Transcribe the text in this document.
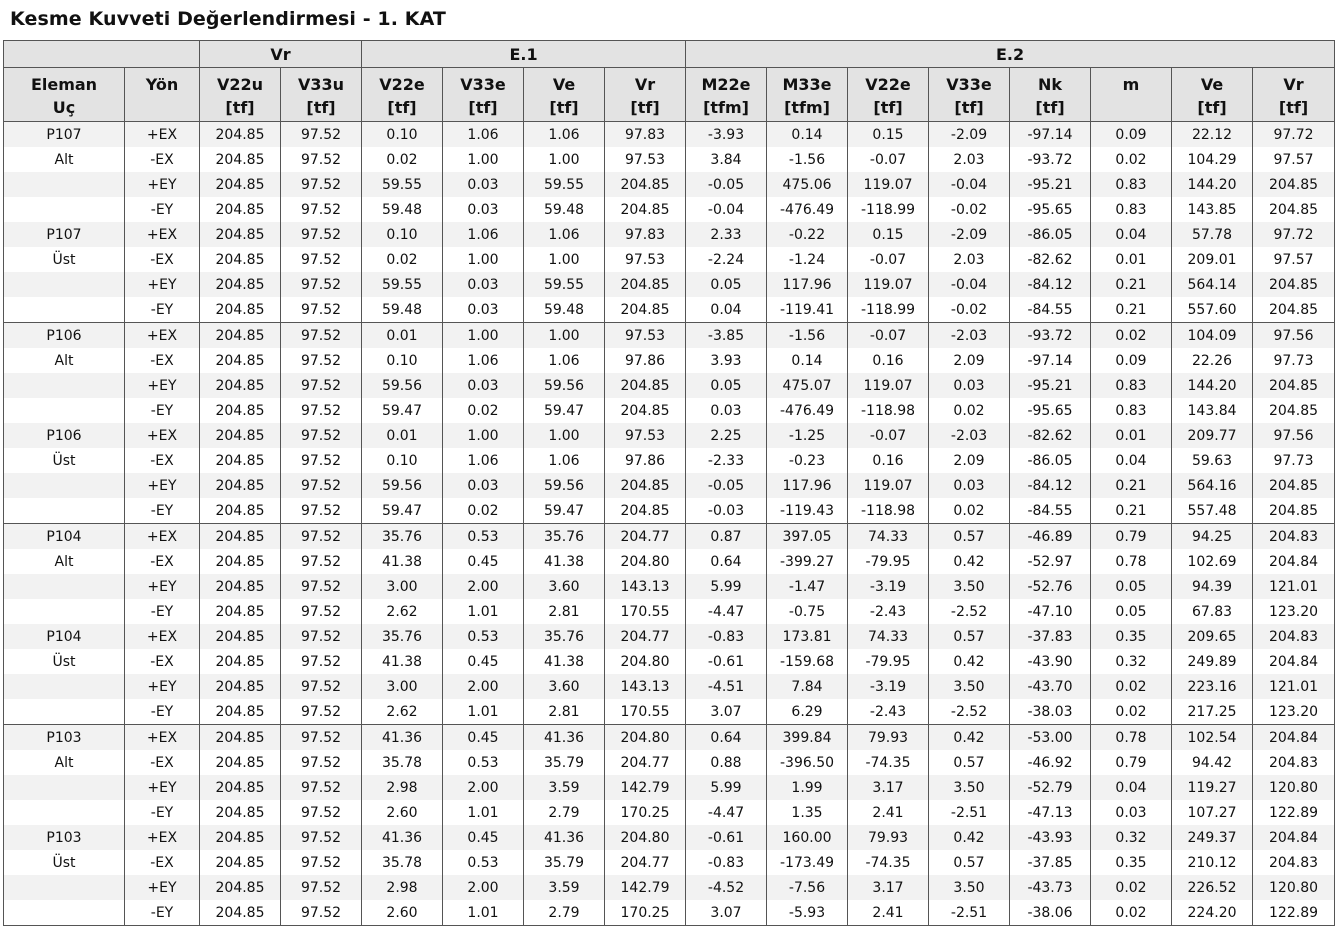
Kesme Kuvveti Değerlendirmesi - 1. KAT
		Vr		E.1				E.2							
Eleman	Yön	V22u	V33u	V22e	V33e	Ve	Vr	M22e	M33e	V22e	V33e	Nk	m	Ve	Vr
Uç		[tf]	[tf]	[tf]	[tf]	[tf]	[tf]	[tfm]	[tfm]	[tf]	[tf]	[tf]		[tf]	[tf]
P107	+EX	204.85	97.52	0.10	1.06	1.06	97.83	-3.93	0.14	0.15	-2.09	-97.14	0.09	22.12	97.72
Alt	-EX	204.85	97.52	0.02	1.00	1.00	97.53	3.84	-1.56	-0.07	2.03	-93.72	0.02	104.29	97.57
	+EY	204.85	97.52	59.55	0.03	59.55	204.85	-0.05	475.06	119.07	-0.04	-95.21	0.83	144.20	204.85
	-EY	204.85	97.52	59.48	0.03	59.48	204.85	-0.04	-476.49	-118.99	-0.02	-95.65	0.83	143.85	204.85
P107	+EX	204.85	97.52	0.10	1.06	1.06	97.83	2.33	-0.22	0.15	-2.09	-86.05	0.04	57.78	97.72
Üst	-EX	204.85	97.52	0.02	1.00	1.00	97.53	-2.24	-1.24	-0.07	2.03	-82.62	0.01	209.01	97.57
	+EY	204.85	97.52	59.55	0.03	59.55	204.85	0.05	117.96	119.07	-0.04	-84.12	0.21	564.14	204.85
	-EY	204.85	97.52	59.48	0.03	59.48	204.85	0.04	-119.41	-118.99	-0.02	-84.55	0.21	557.60	204.85
P106	+EX	204.85	97.52	0.01	1.00	1.00	97.53	-3.85	-1.56	-0.07	-2.03	-93.72	0.02	104.09	97.56
Alt	-EX	204.85	97.52	0.10	1.06	1.06	97.86	3.93	0.14	0.16	2.09	-97.14	0.09	22.26	97.73
	+EY	204.85	97.52	59.56	0.03	59.56	204.85	0.05	475.07	119.07	0.03	-95.21	0.83	144.20	204.85
	-EY	204.85	97.52	59.47	0.02	59.47	204.85	0.03	-476.49	-118.98	0.02	-95.65	0.83	143.84	204.85
P106	+EX	204.85	97.52	0.01	1.00	1.00	97.53	2.25	-1.25	-0.07	-2.03	-82.62	0.01	209.77	97.56
Üst	-EX	204.85	97.52	0.10	1.06	1.06	97.86	-2.33	-0.23	0.16	2.09	-86.05	0.04	59.63	97.73
	+EY	204.85	97.52	59.56	0.03	59.56	204.85	-0.05	117.96	119.07	0.03	-84.12	0.21	564.16	204.85
	-EY	204.85	97.52	59.47	0.02	59.47	204.85	-0.03	-119.43	-118.98	0.02	-84.55	0.21	557.48	204.85
P104	+EX	204.85	97.52	35.76	0.53	35.76	204.77	0.87	397.05	74.33	0.57	-46.89	0.79	94.25	204.83
Alt	-EX	204.85	97.52	41.38	0.45	41.38	204.80	0.64	-399.27	-79.95	0.42	-52.97	0.78	102.69	204.84
	+EY	204.85	97.52	3.00	2.00	3.60	143.13	5.99	-1.47	-3.19	3.50	-52.76	0.05	94.39	121.01
	-EY	204.85	97.52	2.62	1.01	2.81	170.55	-4.47	-0.75	-2.43	-2.52	-47.10	0.05	67.83	123.20
P104	+EX	204.85	97.52	35.76	0.53	35.76	204.77	-0.83	173.81	74.33	0.57	-37.83	0.35	209.65	204.83
Üst	-EX	204.85	97.52	41.38	0.45	41.38	204.80	-0.61	-159.68	-79.95	0.42	-43.90	0.32	249.89	204.84
	+EY	204.85	97.52	3.00	2.00	3.60	143.13	-4.51	7.84	-3.19	3.50	-43.70	0.02	223.16	121.01
	-EY	204.85	97.52	2.62	1.01	2.81	170.55	3.07	6.29	-2.43	-2.52	-38.03	0.02	217.25	123.20
P103	+EX	204.85	97.52	41.36	0.45	41.36	204.80	0.64	399.84	79.93	0.42	-53.00	0.78	102.54	204.84
Alt	-EX	204.85	97.52	35.78	0.53	35.79	204.77	0.88	-396.50	-74.35	0.57	-46.92	0.79	94.42	204.83
	+EY	204.85	97.52	2.98	2.00	3.59	142.79	5.99	1.99	3.17	3.50	-52.79	0.04	119.27	120.80
	-EY	204.85	97.52	2.60	1.01	2.79	170.25	-4.47	1.35	2.41	-2.51	-47.13	0.03	107.27	122.89
P103	+EX	204.85	97.52	41.36	0.45	41.36	204.80	-0.61	160.00	79.93	0.42	-43.93	0.32	249.37	204.84
Üst	-EX	204.85	97.52	35.78	0.53	35.79	204.77	-0.83	-173.49	-74.35	0.57	-37.85	0.35	210.12	204.83
	+EY	204.85	97.52	2.98	2.00	3.59	142.79	-4.52	-7.56	3.17	3.50	-43.73	0.02	226.52	120.80
	-EY	204.85	97.52	2.60	1.01	2.79	170.25	3.07	-5.93	2.41	-2.51	-38.06	0.02	224.20	122.89
